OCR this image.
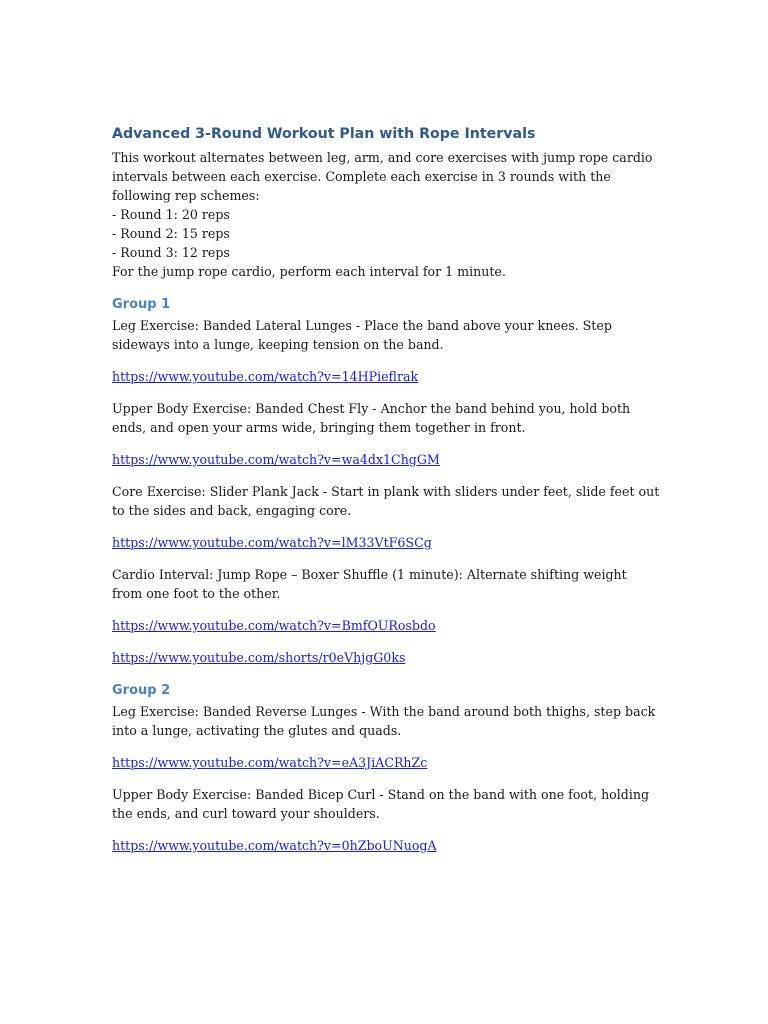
Advanced 3-Round Workout Plan with Rope Intervals

This workout alternates between leg, arm, and core exercises with jump rope cardio intervals between each exercise. Complete each exercise in 3 rounds with the following rep schemes:

- Round 1: 20 reps

- Round 2: 15 reps

- Round 3: 12 reps

For the jump rope cardio, perform each interval for 1 minute.

Group 1

Leg Exercise: Banded Lateral Lunges - Place the band above your knees. Step sideways into a lunge, keeping tension on the band.

https://www.youtube.com/watch?v=14HPieflrak

Upper Body Exercise: Banded Chest Fly - Anchor the band behind you, hold both ends, and open your arms wide, bringing them together in front.

https://www.youtube.com/watch?v=wa4dx1ChgGM

Core Exercise: Slider Plank Jack - Start in plank with sliders under feet, slide feet out to the sides and back, engaging core.

https://www.youtube.com/watch?v=lM33VtF6SCg

Cardio Interval: Jump Rope – Boxer Shuffle (1 minute): Alternate shifting weight from one foot to the other.

https://www.youtube.com/watch?v=BmfOURosbdo
https://www.youtube.com/shorts/r0eVhjgG0ks
Group 2

Leg Exercise: Banded Reverse Lunges - With the band around both thighs, step back into a lunge, activating the glutes and quads.

https://www.youtube.com/watch?v=eA3JiACRhZc

Upper Body Exercise: Banded Bicep Curl - Stand on the band with one foot, holding the ends, and curl toward your shoulders.

https://www.youtube.com/watch?v=0hZboUNuogA
